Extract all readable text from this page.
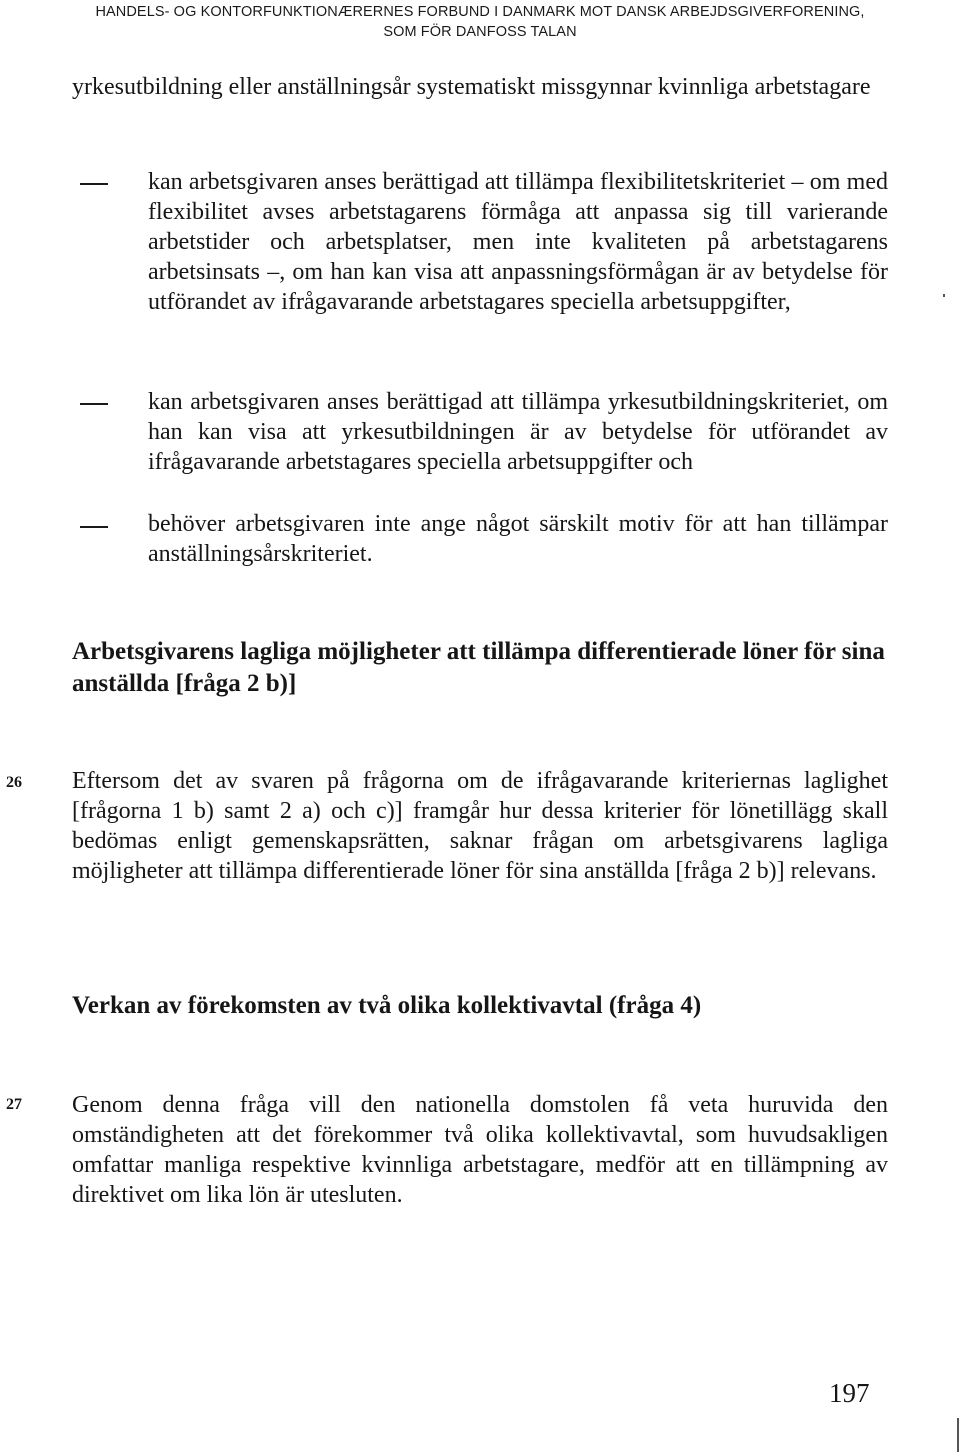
HANDELS- OG KONTORFUNKTIONÆRERNES FORBUND I DANMARK MOT DANSK ARBEJDSGIVERFORENING,
SOM FÖR DANFOSS TALAN

yrkesutbildning eller anställningsår systematiskt missgynnar kvinnliga arbetstagare

kan arbetsgivaren anses berättigad att tillämpa flexibilitetskriteriet – om med flexibilitet avses arbetstagarens förmåga att anpassa sig till varierande arbetstider och arbetsplatser, men inte kvaliteten på arbetstagarens arbetsinsats –, om han kan visa att anpassningsförmågan är av betydelse för utförandet av ifrågavarande arbetstagares speciella arbetsuppgifter,

kan arbetsgivaren anses berättigad att tillämpa yrkesutbildningskriteriet, om han kan visa att yrkesutbildningen är av betydelse för utförandet av ifrågavarande arbetstagares speciella arbetsuppgifter och

behöver arbetsgivaren inte ange något särskilt motiv för att han tillämpar anställningsårskriteriet.

Arbetsgivarens lagliga möjligheter att tillämpa differentierade löner för sina anställda [fråga 2 b)]
26 Eftersom det av svaren på frågorna om de ifrågavarande kriteriernas laglighet [frågorna 1 b) samt 2 a) och c)] framgår hur dessa kriterier för lönetillägg skall bedömas enligt gemenskapsrätten, saknar frågan om arbetsgivarens lagliga möjligheter att tillämpa differentierade löner för sina anställda [fråga 2 b)] relevans.

Verkan av förekomsten av två olika kollektivavtal (fråga 4)
27 Genom denna fråga vill den nationella domstolen få veta huruvida den omständigheten att det förekommer två olika kollektivavtal, som huvudsakligen omfattar manliga respektive kvinnliga arbetstagare, medför att en tillämpning av direktivet om lika lön är utesluten.

197
